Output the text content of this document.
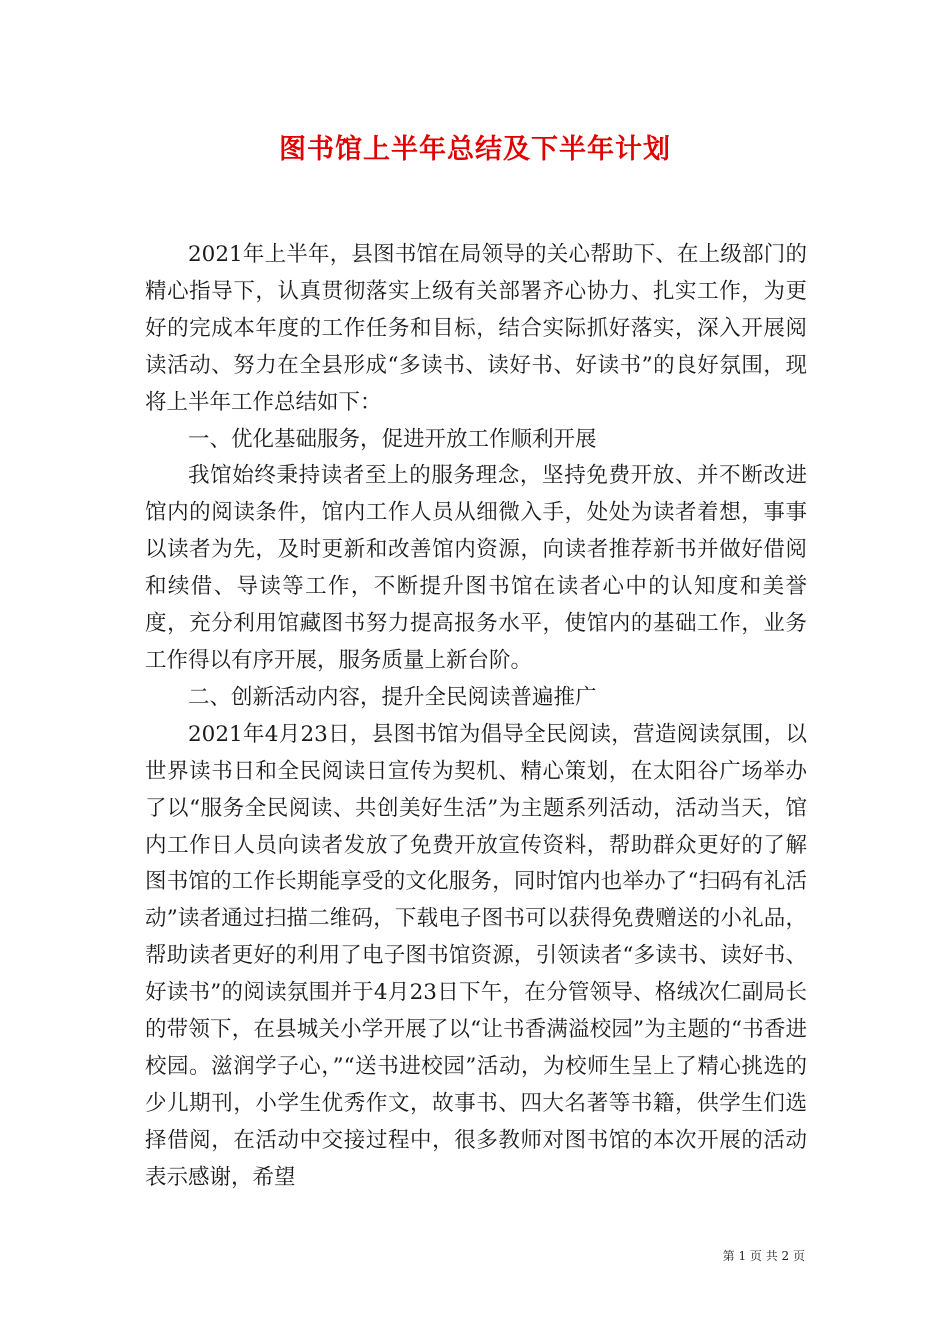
图书馆上半年总结及下半年计划

2021年上半年，县图书馆在局领导的关心帮助下、在上级部门的精心指导下，认真贯彻落实上级有关部署齐心协力、扎实工作，为更好的完成本年度的工作任务和目标，结合实际抓好落实，深入开展阅读活动、努力在全县形成“多读书、读好书、好读书”的良好氛围，现将上半年工作总结如下：

一、优化基础服务，促进开放工作顺利开展

我馆始终秉持读者至上的服务理念，坚持免费开放、并不断改进馆内的阅读条件，馆内工作人员从细微入手，处处为读者着想，事事以读者为先，及时更新和改善馆内资源，向读者推荐新书并做好借阅和续借、导读等工作，不断提升图书馆在读者心中的认知度和美誉度，充分利用馆藏图书努力提高报务水平，使馆内的基础工作，业务工作得以有序开展，服务质量上新台阶。

二、创新活动内容，提升全民阅读普遍推广

2021年4月23日，县图书馆为倡导全民阅读，营造阅读氛围，以世界读书日和全民阅读日宣传为契机、精心策划，在太阳谷广场举办了以“服务全民阅读、共创美好生活”为主题系列活动，活动当天，馆内工作日人员向读者发放了免费开放宣传资料，帮助群众更好的了解图书馆的工作长期能享受的文化服务，同时馆内也举办了“扫码有礼活动”读者通过扫描二维码，下载电子图书可以获得免费赠送的小礼品，帮助读者更好的利用了电子图书馆资源，引领读者“多读书、读好书、好读书”的阅读氛围并于4月23日下午，在分管领导、格绒次仁副局长的带领下，在县城关小学开展了以“让书香满溢校园”为主题的“书香进校园。滋润学子心，”“送书进校园”活动，为校师生呈上了精心挑选的少儿期刊，小学生优秀作文，故事书、四大名著等书籍，供学生们选择借阅，在活动中交接过程中，很多教师对图书馆的本次开展的活动表示感谢，希望

第 1 页 共 2 页
